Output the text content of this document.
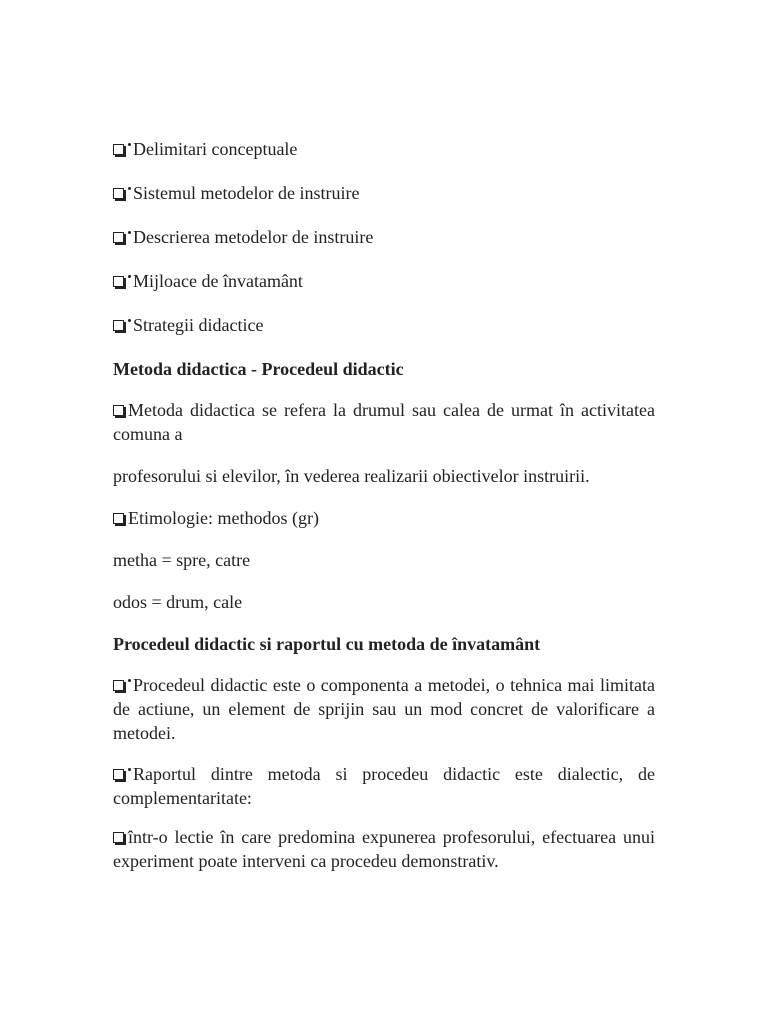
Delimitari conceptuale

Sistemul metodelor de instruire

Descrierea metodelor de instruire

Mijloace de învatamânt

Strategii didactice

Metoda didactica - Procedeul didactic

Metoda didactica se refera la drumul sau calea de urmat în activitatea comuna a

profesorului si elevilor, în vederea realizarii obiectivelor instruirii.

Etimologie: methodos (gr)

metha = spre, catre

odos = drum, cale

Procedeul didactic si raportul cu metoda de învatamânt

Procedeul didactic este o componenta a metodei, o tehnica mai limitata de actiune, un element de sprijin sau un mod concret de valorificare a metodei.

Raportul dintre metoda si procedeu didactic este dialectic, de complementaritate:

într-o lectie în care predomina expunerea profesorului, efectuarea unui experiment poate interveni ca procedeu demonstrativ.
